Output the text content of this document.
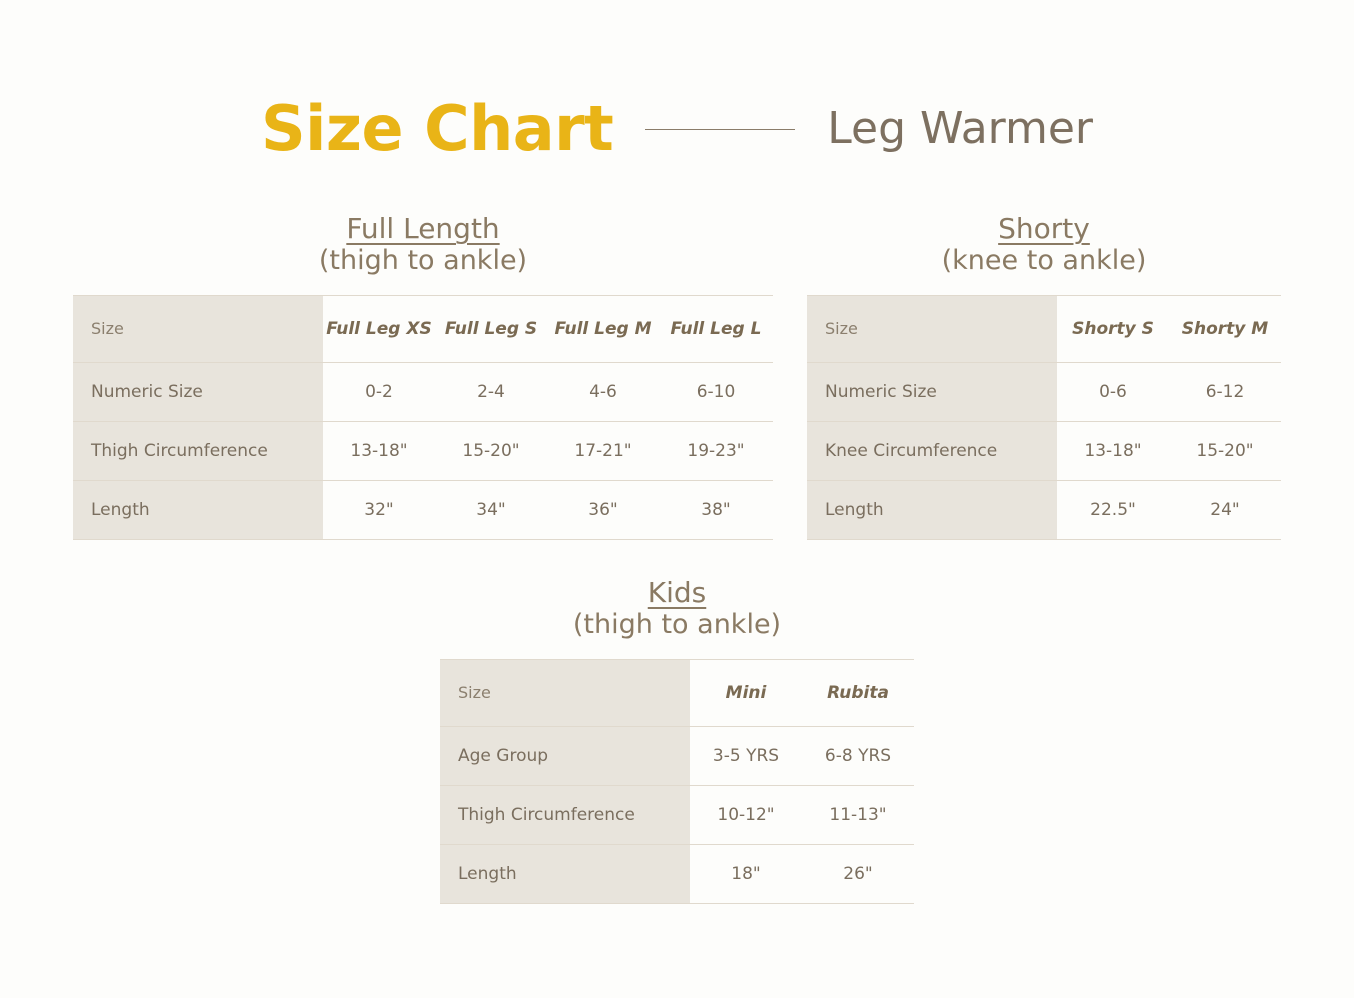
Size Chart	Leg Warmer
Full Length
(thigh to ankle)
Size	Full Leg XS	Full Leg S	Full Leg M	Full Leg L
Numeric Size	0-2	2-4	4-6	6-10
Thigh Circumference	13-18"	15-20"	17-21"	19-23"
Length	32"	34"	36"	38"
Shorty
(knee to ankle)
Size	Shorty S	Shorty M
Numeric Size	0-6	6-12
Knee Circumference	13-18"	15-20"
Length	22.5"	24"
Kids
(thigh to ankle)
Size	Mini	Rubita
Age Group	3-5 YRS	6-8 YRS
Thigh Circumference	10-12"	11-13"
Length	18"	26"
